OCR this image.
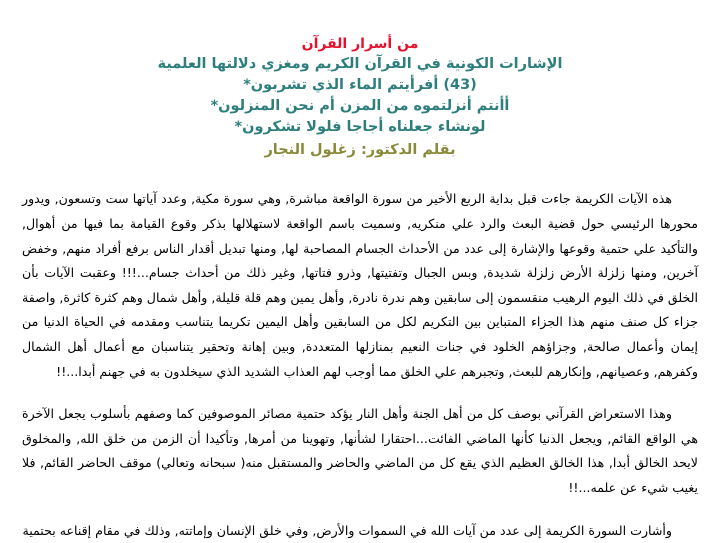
من أسرار القرآن
الإشارات الكونية في القرآن الكريم ومغزي دلالتها العلمية
(43) أفرأيتم الماء الذي تشربون*
أأنتم أنزلتموه من المزن أم نحن المنزلون*
لونشاء جعلناه أجاجا فلولا تشكرون*
بقلم الدكتور: زغلول النجار

هذه الآيات الكريمة جاءت قبل بداية الربع الأخير من سورة الواقعة مباشرة, وهي سورة مكية, وعدد آياتها ست وتسعون, ويدور محورها الرئيسي حول قضية البعث والرد علي منكريه, وسميت باسم الواقعة لاستهلالها بذكر وقوع القيامة بما فيها من أهوال, والتأكيد علي حتمية وقوعها والإشارة إلى عدد من الأحداث الجسام المصاحبة لها, ومنها تبديل أقدار الناس برفع أفراد منهم, وخفض آخرين, ومنها زلزلة الأرض زلزلة شديدة, وبس الجبال وتفتيتها, وذرو فتاتها, وغير ذلك من أحداث جسام...!!! وعقبت الآيات بأن الخلق في ذلك اليوم الرهيب منقسمون إلى سابقين وهم ندرة نادرة, وأهل يمين وهم قلة قليلة, وأهل شمال وهم كثرة كاثرة, واصفة جزاء كل صنف منهم هذا الجزاء المتباين بين التكريم لكل من السابقين وأهل اليمين تكريما يتناسب ومقدمه في الحياة الدنيا من إيمان وأعمال صالحة, وجزاؤهم الخلود في جنات النعيم بمنازلها المتعددة, وبين إهانة وتحقير يتناسبان مع أعمال أهل الشمال وكفرهم, وعصيانهم, وإنكارهم للبعث, وتجبرهم علي الخلق مما أوجب لهم العذاب الشديد الذي سيخلدون به في جهنم أبدا...!!

وهذا الاستعراض القرآني بوصف كل من أهل الجنة وأهل النار يؤكد حتمية مصائر الموصوفين كما وصفهم بأسلوب يجعل الآخرة هي الواقع القائم, ويجعل الدنيا كأنها الماضي الفائت...احتقارا لشأنها, وتهوينا من أمرها, وتأكيدا أن الزمن من خلق الله, والمخلوق لايحد الخالق أبدا, هذا الخالق العظيم الذي يقع كل من الماضي والحاضر والمستقبل منه( سبحانه وتعالي) موقف الحاضر القائم, فلا يغيب شيء عن علمه...!!

وأشارت السورة الكريمة إلى عدد من آيات الله في السموات والأرض, وفي خلق الإنسان وإماتته, وذلك في مقام إقناعه بحتمية
